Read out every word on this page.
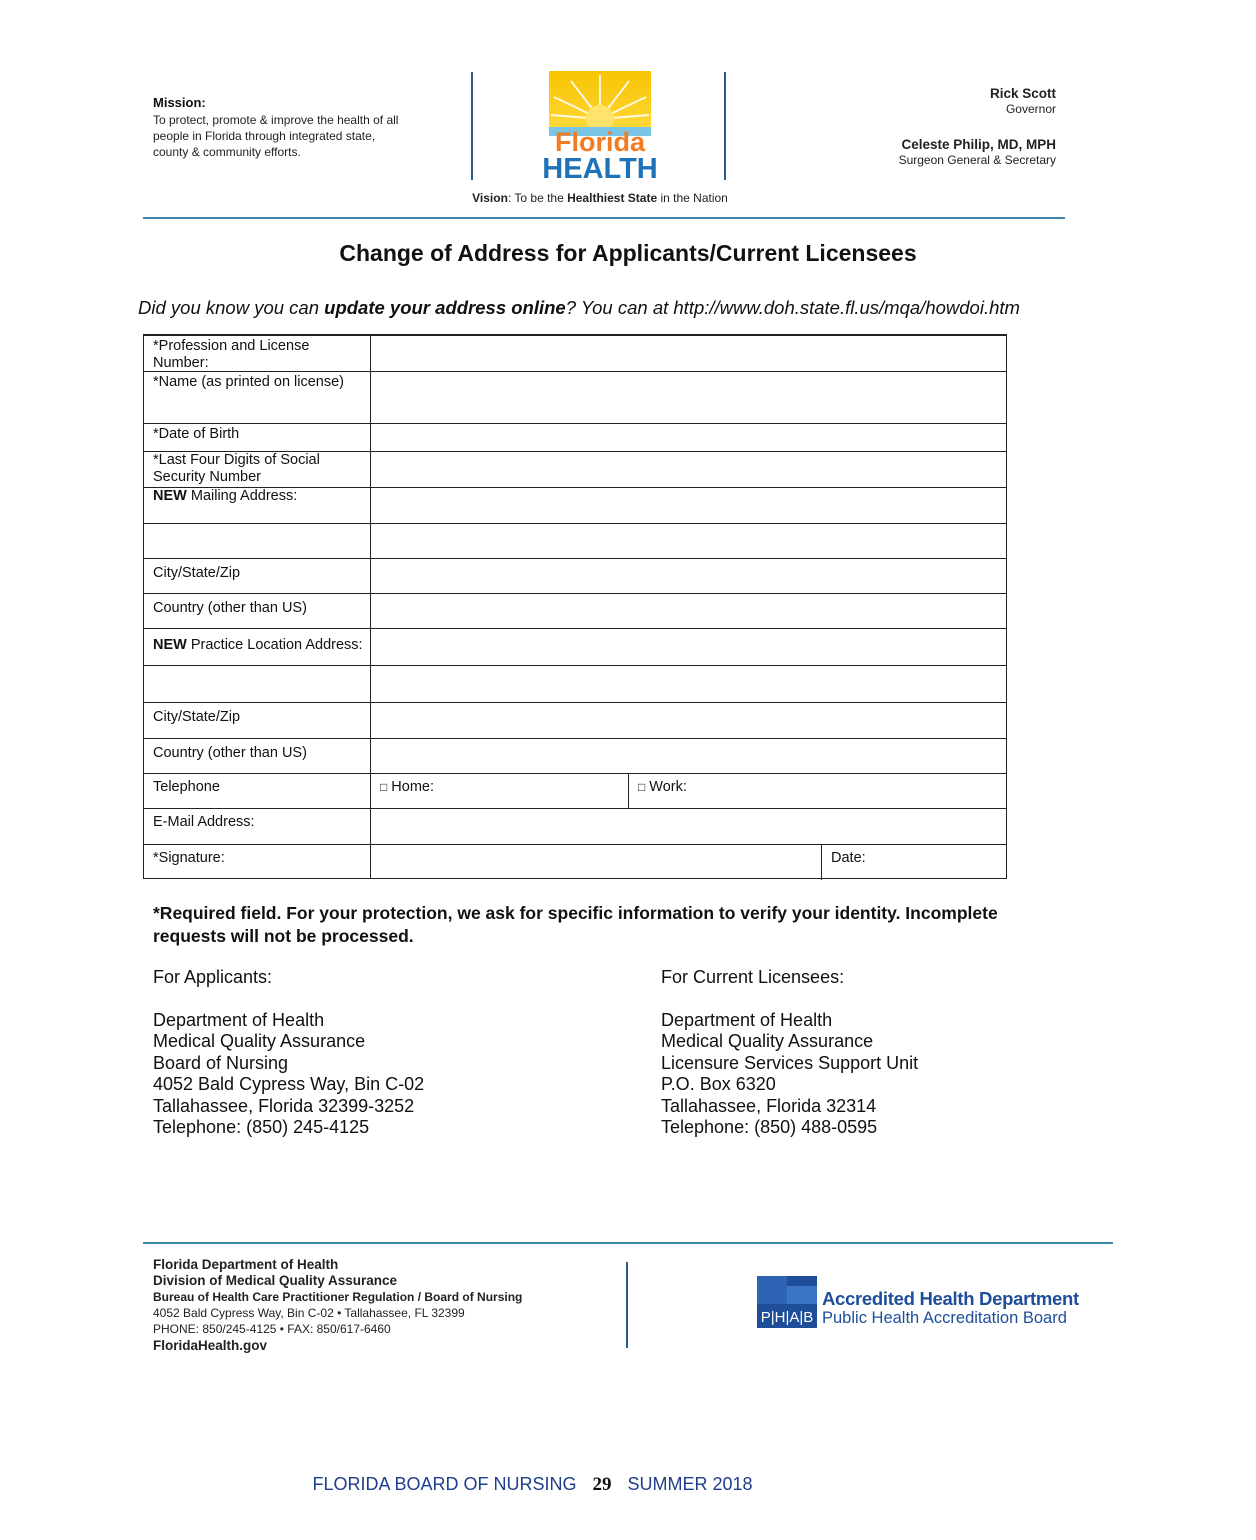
Mission:
To protect, promote & improve the health of all people in Florida through integrated state, county & community efforts.	Florida
HEALTH
Vision: To be the Healthiest State in the Nation
Rick Scott
Governor
Celeste Philip, MD, MPH
Surgeon General & Secretary
Change of Address for Applicants/Current Licensees
Did you know you can update your address online? You can at http://www.doh.state.fl.us/mqa/howdoi.htm
*Profession and License Number:
*Name (as printed on license)
*Date of Birth
*Last Four Digits of Social Security Number
NEW Mailing Address:
City/State/Zip
Country (other than US)
NEW Practice Location Address:
City/State/Zip
Country (other than US)
Telephone	□ Home:	□ Work:
E-Mail Address:
*Signature:	Date:
*Required field. For your protection, we ask for specific information to verify your identity. Incomplete requests will not be processed.
For Applicants:
Department of Health
Medical Quality Assurance
Board of Nursing
4052 Bald Cypress Way, Bin C-02
Tallahassee, Florida 32399-3252
Telephone: (850) 245-4125
For Current Licensees:
Department of Health
Medical Quality Assurance
Licensure Services Support Unit
P.O. Box 6320
Tallahassee, Florida 32314
Telephone: (850) 488-0595
Florida Department of Health
Division of Medical Quality Assurance
Bureau of Health Care Practitioner Regulation / Board of Nursing
4052 Bald Cypress Way, Bin C-02 • Tallahassee, FL 32399
PHONE: 850/245-4125 • FAX: 850/617-6460
FloridaHealth.gov
P|H|A|B
Accredited Health Department
Public Health Accreditation Board
FLORIDA BOARD OF NURSING 29 SUMMER 2018
